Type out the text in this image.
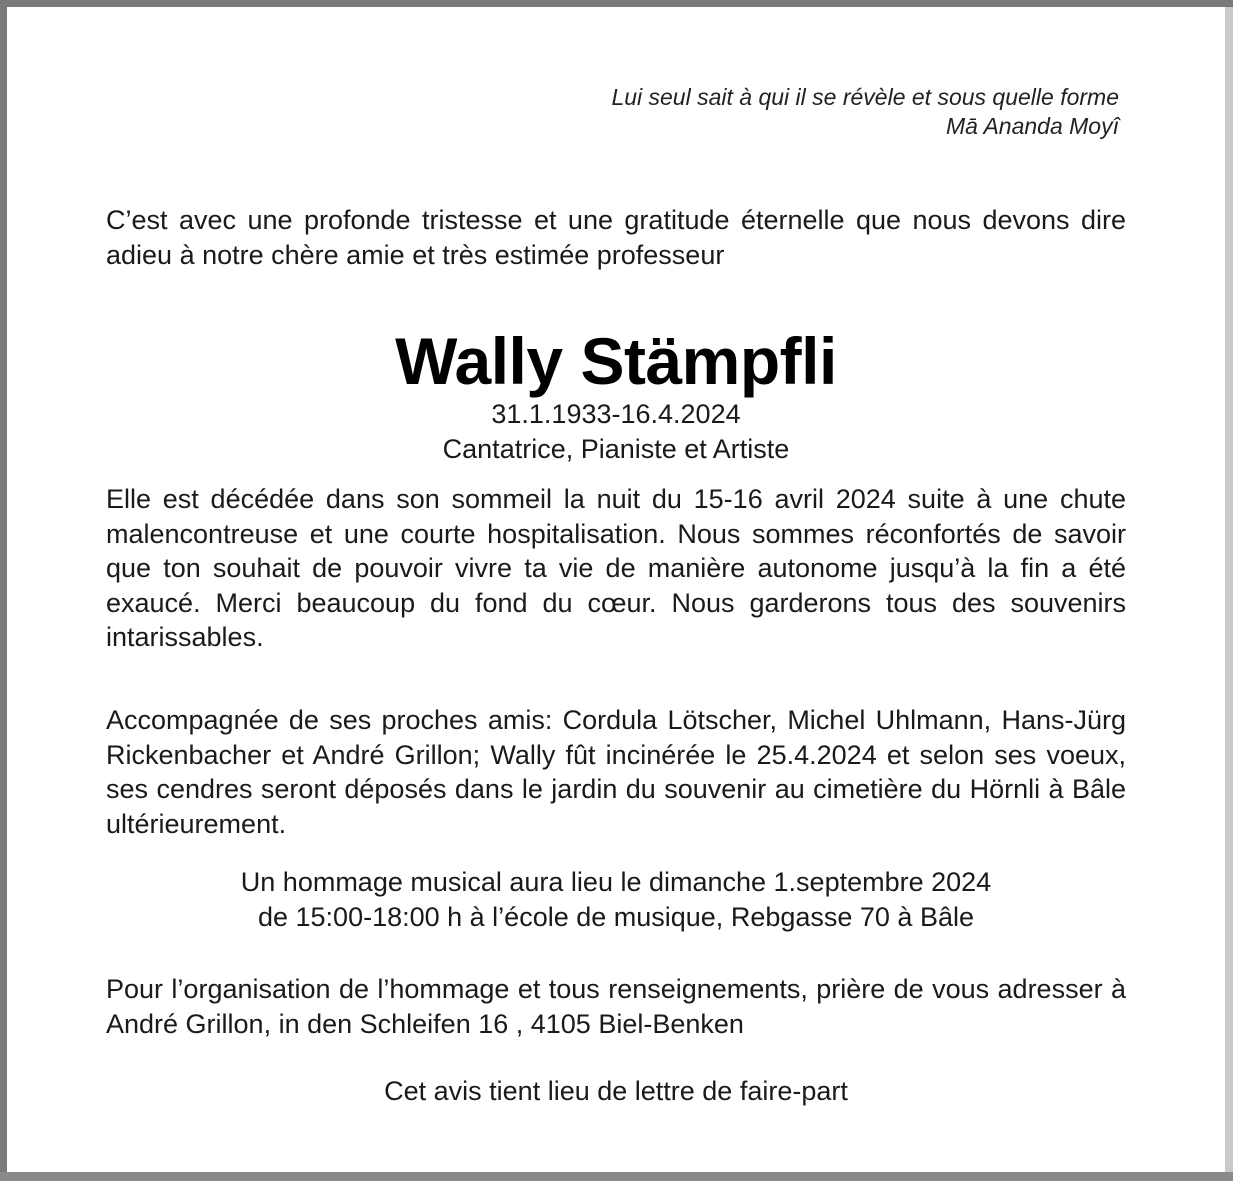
Lui seul sait à qui il se révèle et sous quelle forme
Mā Ananda Moyî
C’est avec une profonde tristesse et une gratitude éternelle que nous devons dire adieu à notre chère amie et très estimée professeur
Wally Stämpfli
31.1.1933-16.4.2024
Cantatrice, Pianiste et Artiste
Elle est décédée dans son sommeil la nuit du 15-16 avril 2024 suite à une chute malencontreuse et une courte hospitalisation. Nous sommes réconfortés de savoir que ton souhait de pouvoir vivre ta vie de manière autonome jusqu’à la fin a été exaucé. Merci beaucoup du fond du cœur. Nous garderons tous des souvenirs intarissables.
Accompagnée de ses proches amis: Cordula Lötscher, Michel Uhlmann, Hans-Jürg Rickenbacher et André Grillon; Wally fût incinérée le 25.4.2024 et selon ses voeux, ses cendres seront déposés dans le jardin du souvenir au cimetière du Hörnli à Bâle ultérieurement.
Un hommage musical aura lieu le dimanche 1.septembre 2024
de 15:00-18:00 h à l’école de musique, Rebgasse 70 à Bâle
Pour l’organisation de l’hommage et tous renseignements, prière de vous adresser à André Grillon, in den Schleifen 16 , 4105 Biel-Benken
Cet avis tient lieu de lettre de faire-part
